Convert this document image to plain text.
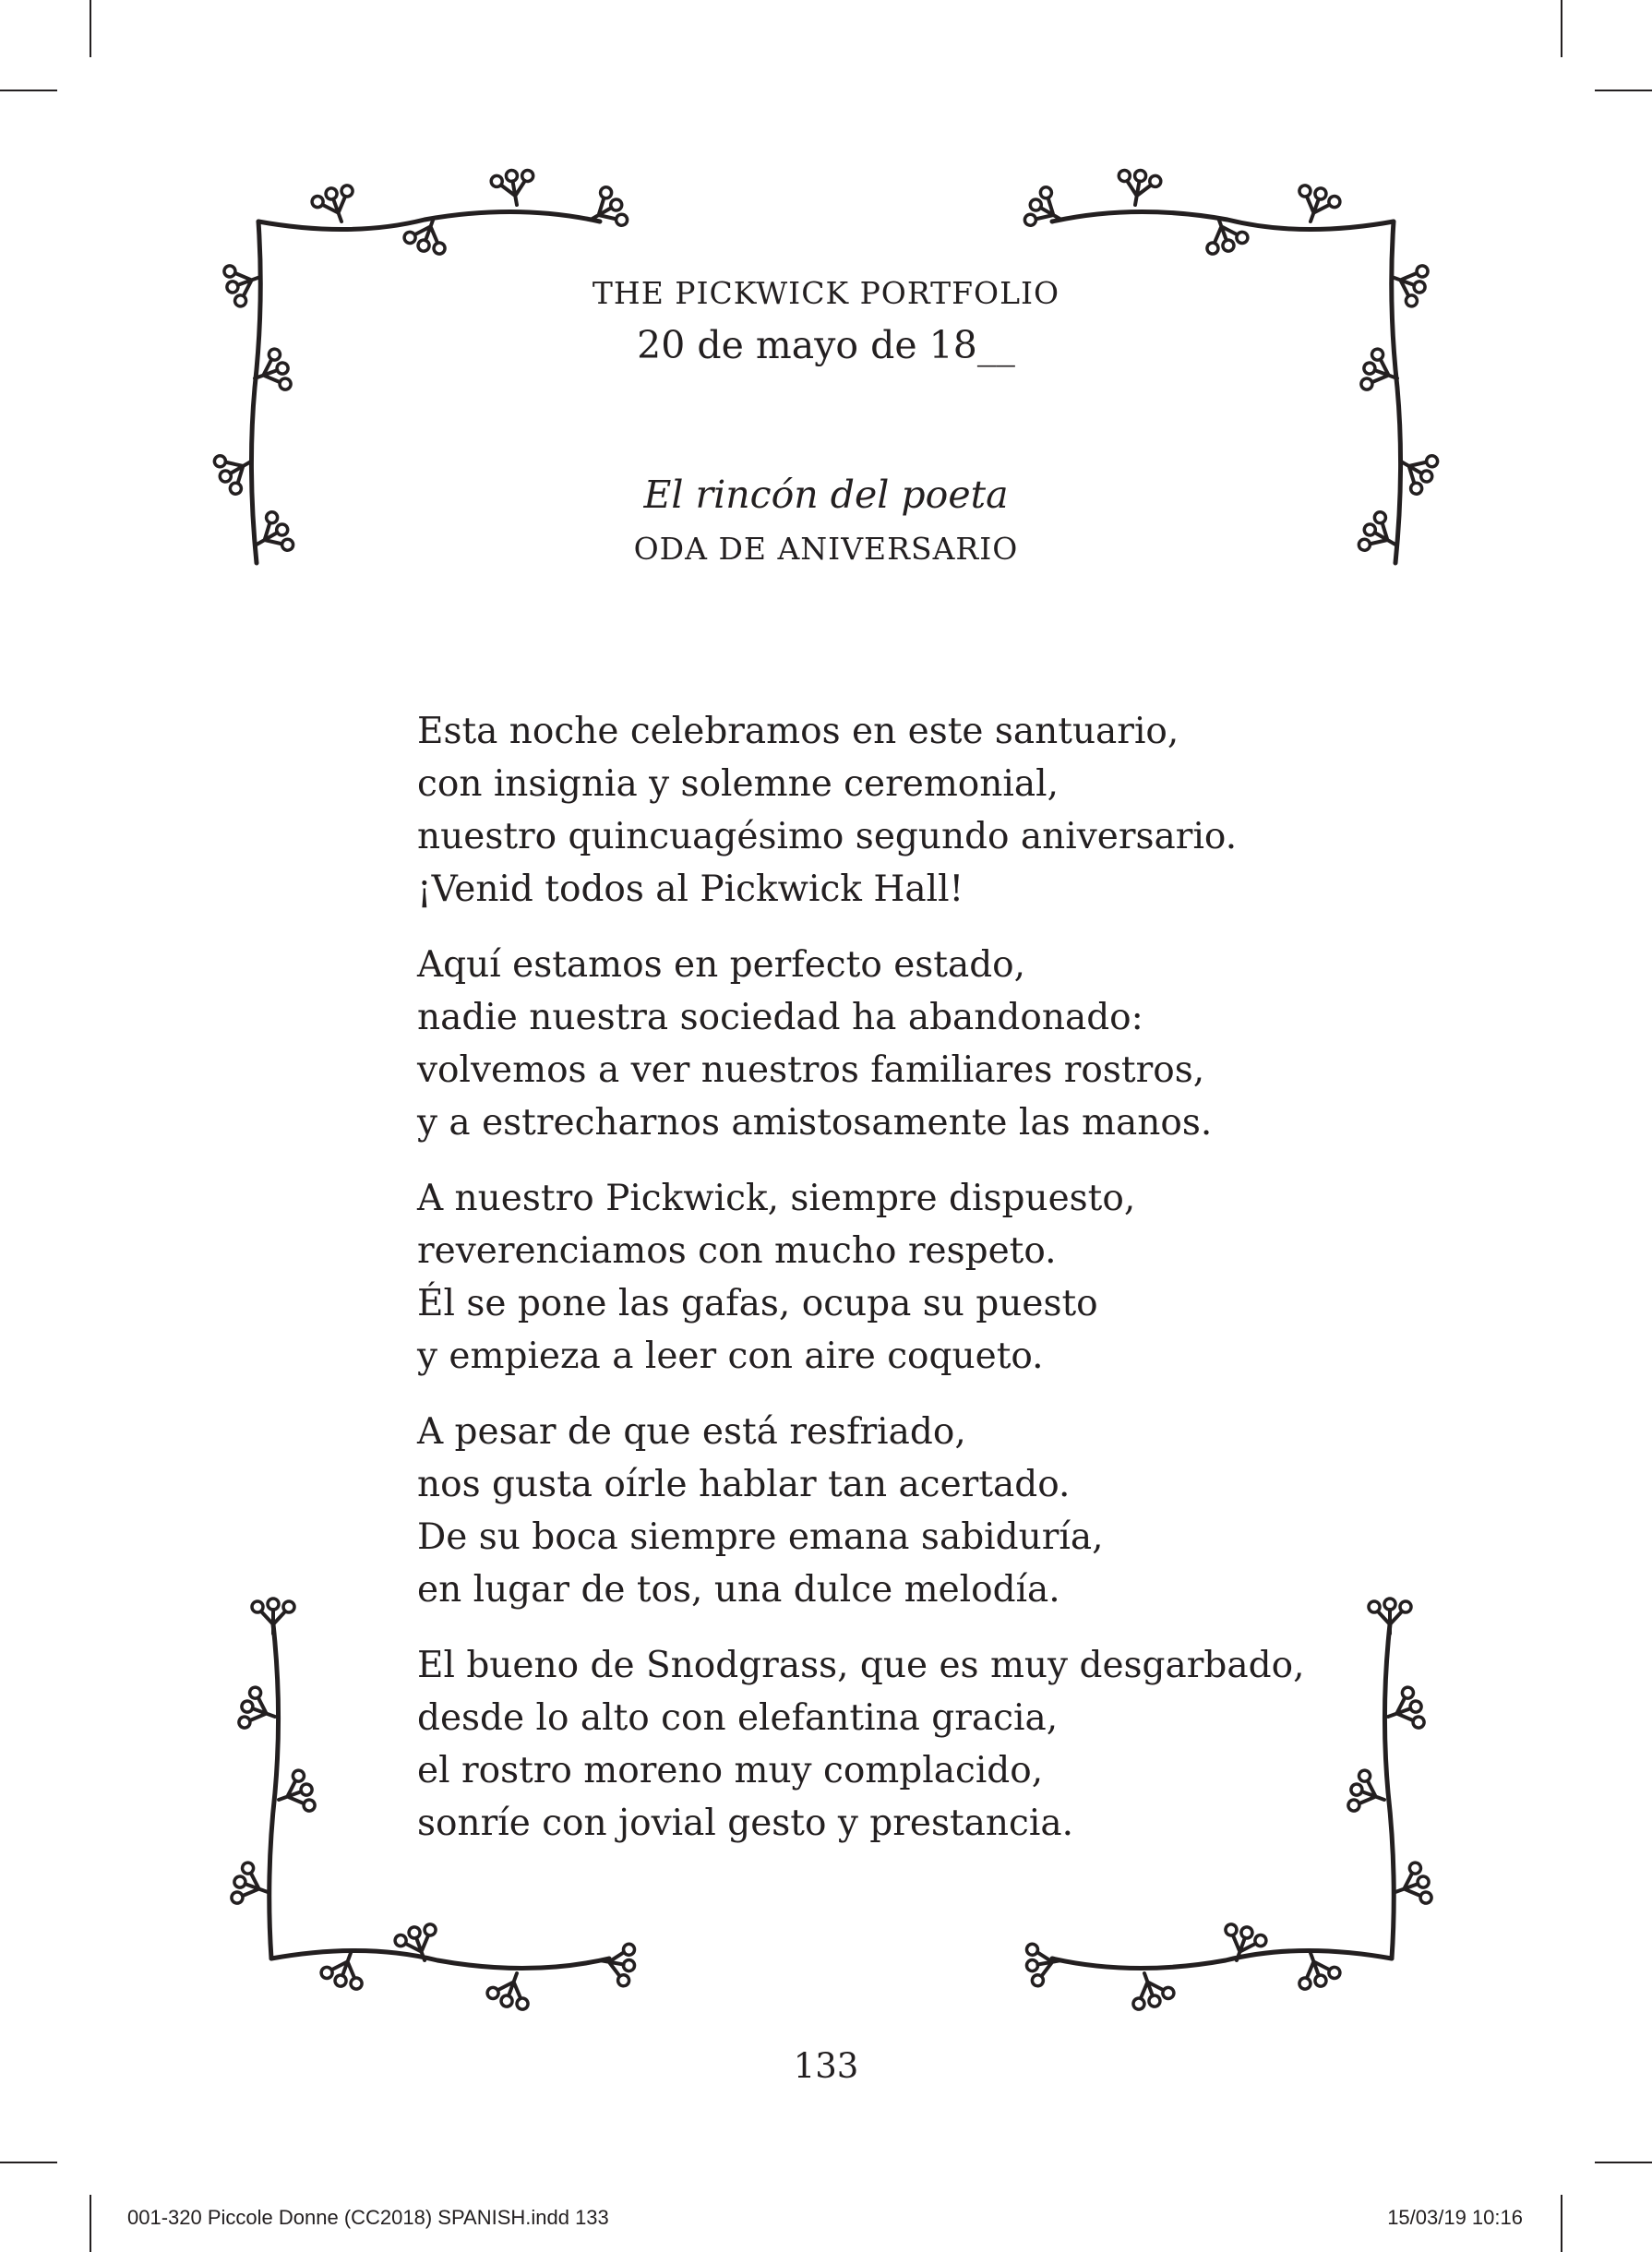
THE PICKWICK PORTFOLIO
20 de mayo de 18__
El rincón del poeta
ODA DE ANIVERSARIO
Esta noche celebramos en este santuario,
con insignia y solemne ceremonial,
nuestro quincuagésimo segundo aniversario.
¡Venid todos al Pickwick Hall!
Aquí estamos en perfecto estado,
nadie nuestra sociedad ha abandonado:
volvemos a ver nuestros familiares rostros,
y a estrecharnos amistosamente las manos.
A nuestro Pickwick, siempre dispuesto,
reverenciamos con mucho respeto.
Él se pone las gafas, ocupa su puesto
y empieza a leer con aire coqueto.
A pesar de que está resfriado,
nos gusta oírle hablar tan acertado.
De su boca siempre emana sabiduría,
en lugar de tos, una dulce melodía.
El bueno de Snodgrass, que es muy desgarbado,
desde lo alto con elefantina gracia,
el rostro moreno muy complacido,
sonríe con jovial gesto y prestancia.
133
001-320 Piccole Donne (CC2018) SPANISH.indd 133	15/03/19 10:16
